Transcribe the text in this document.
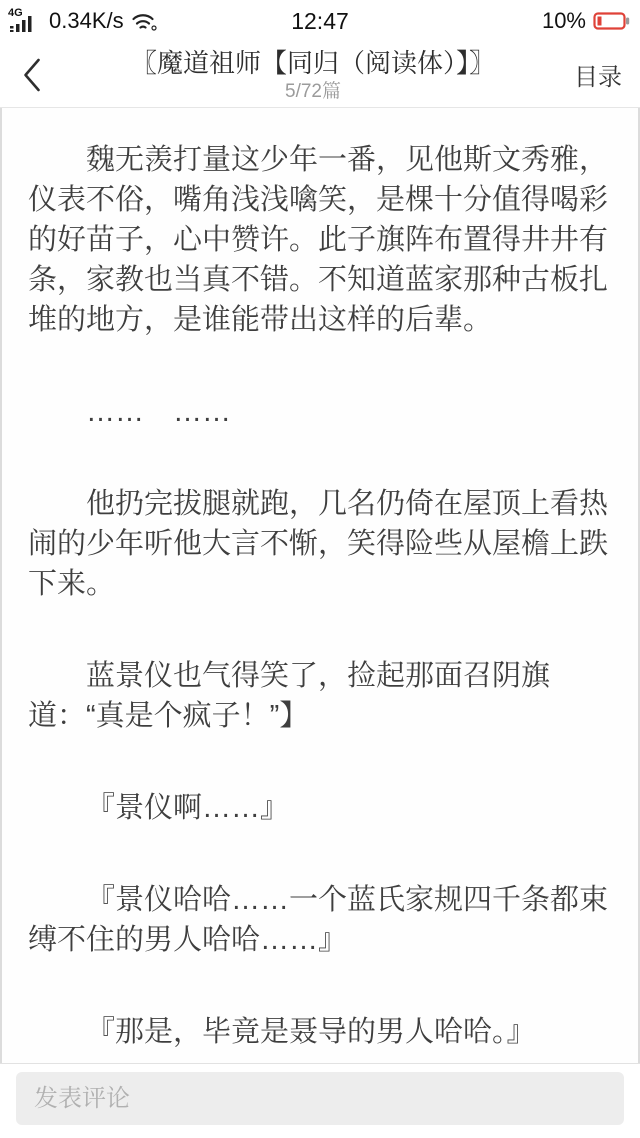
4G 0.34K/s	12:47	10%
〖魔道祖师【同归（阅读体）】〗
5/72篇
目录

魏无羡打量这少年一番，见他斯文秀雅，仪表不俗，嘴角浅浅噙笑，是棵十分值得喝彩的好苗子，心中赞许。此子旗阵布置得井井有条，家教也当真不错。不知道蓝家那种古板扎堆的地方，是谁能带出这样的后辈。

……　……

他扔完拔腿就跑，几名仍倚在屋顶上看热闹的少年听他大言不惭，笑得险些从屋檐上跌下来。

蓝景仪也气得笑了，捡起那面召阴旗道：“真是个疯子！”】

『景仪啊……』

『景仪哈哈……一个蓝氏家规四千条都束缚不住的男人哈哈……』

『那是，毕竟是聂导的男人哈哈。』

发表评论
